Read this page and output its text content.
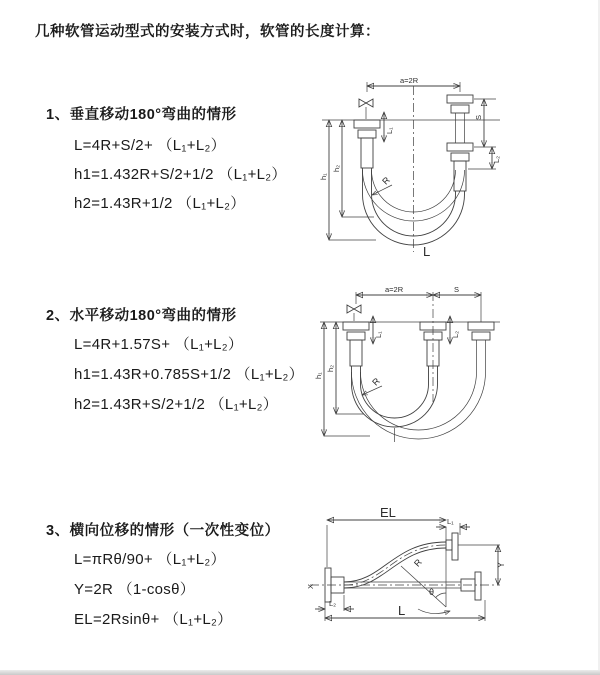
几种软管运动型式的安装方式时，软管的长度计算：
1、垂直移动180°弯曲的情形
L=4R+S/2+ （L₁+L₂）
h1=1.432R+S/2+1/2 （L₁+L₂）
h2=1.43R+1/2 （L₁+L₂）
2、水平移动180°弯曲的情形
L=4R+1.57S+ （L₁+L₂）
h1=1.43R+0.785S+1/2 （L₁+L₂）
h2=1.43R+S/2+1/2 （L₁+L₂）
3、横向位移的情形（一次性变位）
L=πRθ/90+ （L₁+L₂）
Y=2R （1-cosθ）
EL=2Rsinθ+ （L₁+L₂）
a=2R
L₁
S
L₂
R
h₁
h₂
L
a=2R	S
L₁	L₂
R
h₁
h₂
X
EL
L₁
R
θ
Y
L₂	L
